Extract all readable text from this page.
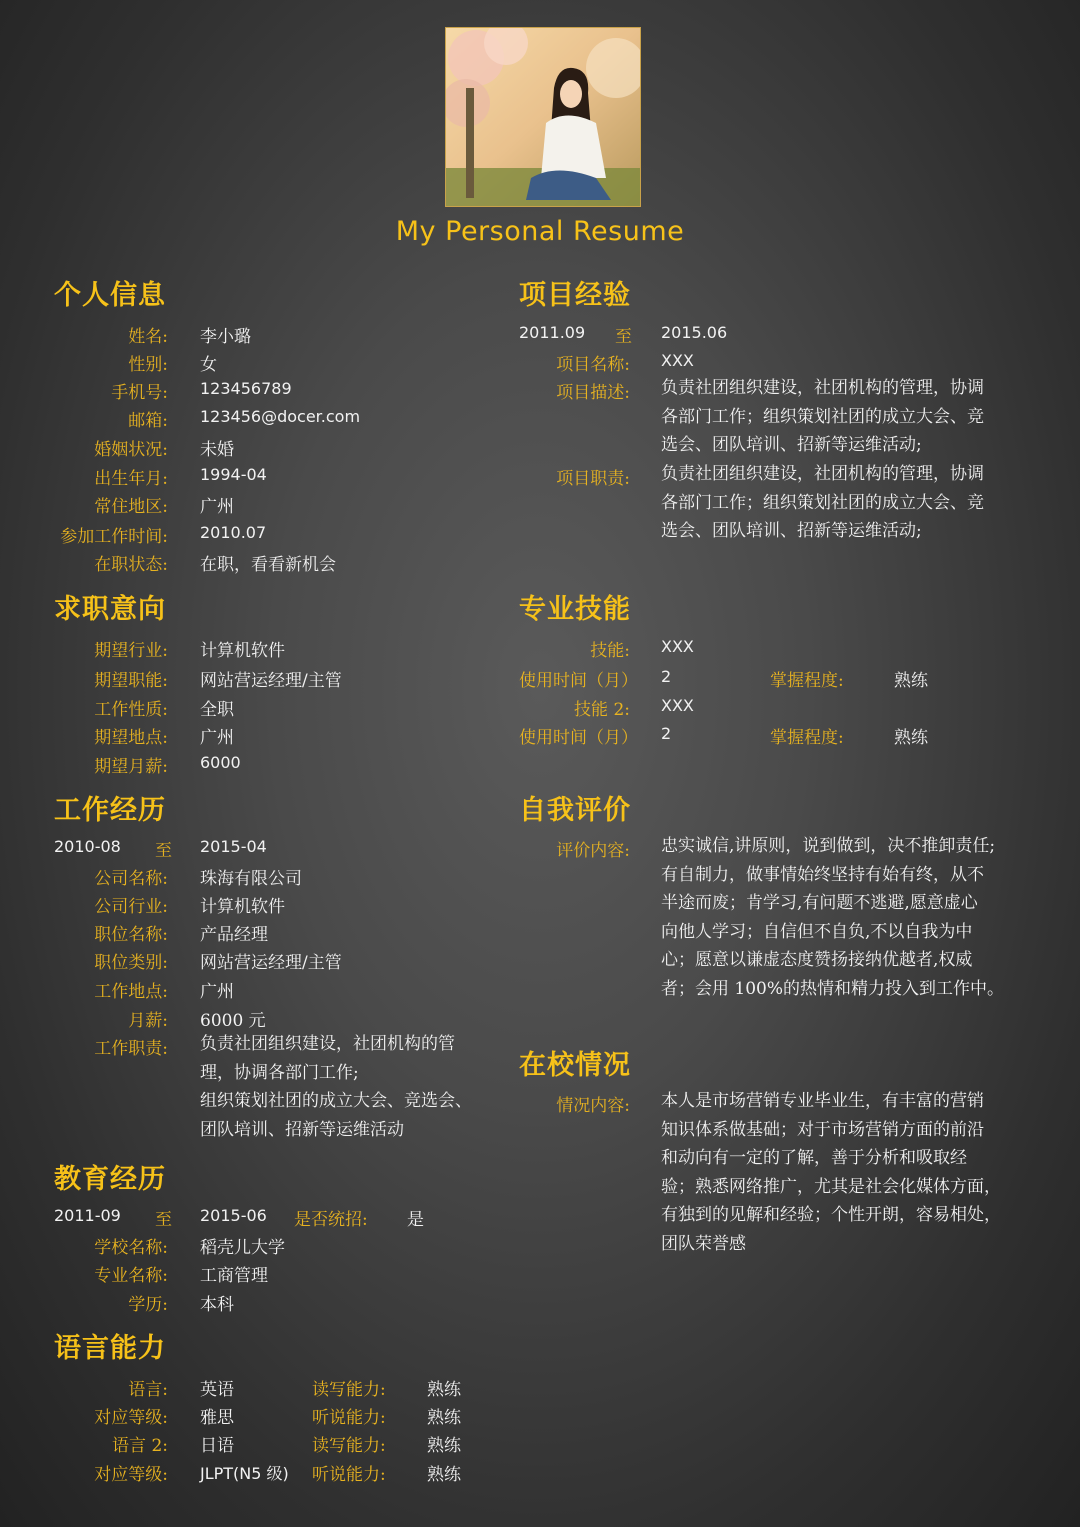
My Personal Resume
个人信息
姓名: 李小璐
性别: 女
手机号: 123456789
邮箱: 123456@docer.com
婚姻状况: 未婚
出生年月: 1994-04
常住地区: 广州
参加工作时间: 2010.07
在职状态: 在职，看看新机会
求职意向
期望行业: 计算机软件
期望职能: 网站营运经理/主管
工作性质: 全职
期望地点: 广州
期望月薪: 6000
工作经历
2010-08	至 2015-04
公司名称: 珠海有限公司
公司行业: 计算机软件
职位名称: 产品经理
职位类别: 网站营运经理/主管
工作地点: 广州
月薪: 6000 元
工作职责: 负责社团组织建设，社团机构的管
理，协调各部门工作;
组织策划社团的成立大会、竞选会、
团队培训、招新等运维活动
教育经历
2011-09	至 2015-06 是否统招: 是
学校名称: 稻壳儿大学
专业名称: 工商管理
学历: 本科
语言能力
语言: 英语	读写能力: 熟练
对应等级: 雅思	听说能力: 熟练
语言 2: 日语	读写能力: 熟练
对应等级: JLPT(N5 级) 听说能力: 熟练
项目经验
2011.09	至 2015.06
项目名称: XXX
项目描述: 负责社团组织建设，社团机构的管理，协调
各部门工作；组织策划社团的成立大会、竞
选会、团队培训、招新等运维活动;
项目职责: 负责社团组织建设，社团机构的管理，协调
各部门工作；组织策划社团的成立大会、竞
选会、团队培训、招新等运维活动;
专业技能
技能: XXX
使用时间（月） 2	掌握程度:	熟练
技能 2: XXX
使用时间（月） 2	掌握程度:	熟练
自我评价
评价内容: 忠实诚信,讲原则，说到做到，决不推卸责任;
有自制力，做事情始终坚持有始有终，从不
半途而废；肯学习,有问题不逃避,愿意虚心
向他人学习；自信但不自负,不以自我为中
心；愿意以谦虚态度赞扬接纳优越者,权威
者；会用 100%的热情和精力投入到工作中。
在校情况
情况内容: 本人是市场营销专业毕业生，有丰富的营销
知识体系做基础；对于市场营销方面的前沿
和动向有一定的了解，善于分析和吸取经
验；熟悉网络推广，尤其是社会化媒体方面，
有独到的见解和经验；个性开朗，容易相处，
团队荣誉感
